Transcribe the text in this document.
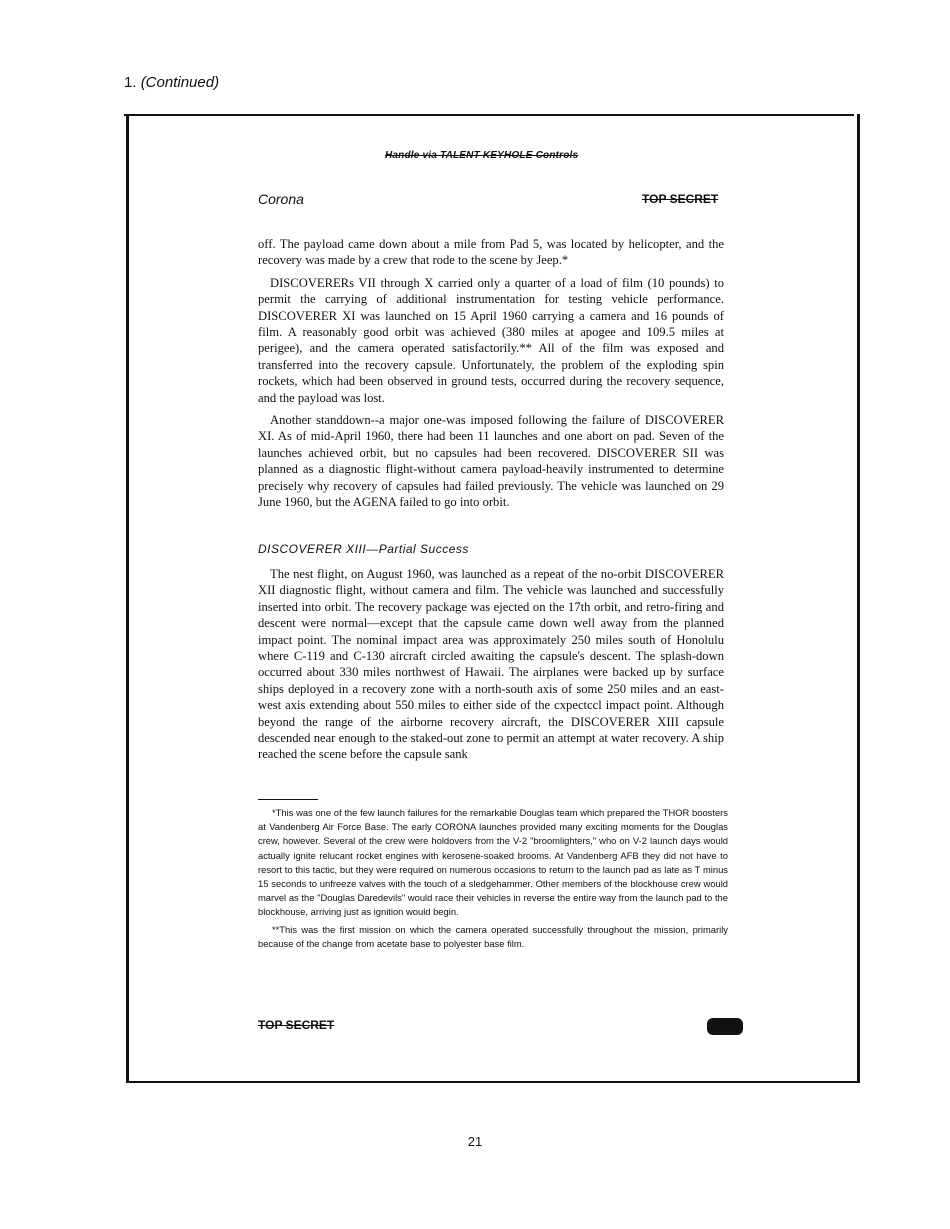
1. (Continued)
Handle via TALENT KEYHOLE Controls
Corona	TOP SECRET

off. The payload came down about a mile from Pad 5, was located by helicopter, and the recovery was made by a crew that rode to the scene by Jeep.*

DISCOVERERs VII through X carried only a quarter of a load of film (10 pounds) to permit the carrying of additional instrumentation for testing vehicle performance. DISCOVERER XI was launched on 15 April 1960 carrying a camera and 16 pounds of film. A reasonably good orbit was achieved (380 miles at apogee and 109.5 miles at perigee), and the camera operated satisfactorily.** All of the film was exposed and transferred into the recovery capsule. Unfortunately, the problem of the exploding spin rockets, which had been observed in ground tests, occurred during the recovery sequence, and the payload was lost.

Another standdown--a major one-was imposed following the failure of DISCOVERER XI. As of mid-April 1960, there had been 11 launches and one abort on pad. Seven of the launches achieved orbit, but no capsules had been recovered. DISCOVERER SII was planned as a diagnostic flight-without camera payload-heavily instrumented to determine precisely why recovery of capsules had failed previously. The vehicle was launched on 29 June 1960, but the AGENA failed to go into orbit.

DISCOVERER XIII—Partial Success

The nest flight, on August 1960, was launched as a repeat of the no-orbit DISCOVERER XII diagnostic flight, without camera and film. The vehicle was launched and successfully inserted into orbit. The recovery package was ejected on the 17th orbit, and retro-firing and descent were normal—except that the capsule came down well away from the planned impact point. The nominal impact area was approximately 250 miles south of Honolulu where C-119 and C-130 aircraft circled awaiting the capsule's descent. The splash-down occurred about 330 miles northwest of Hawaii. The airplanes were backed up by surface ships deployed in a recovery zone with a north-south axis of some 250 miles and an east-west axis extending about 550 miles to either side of the cxpectccl impact point. Although beyond the range of the airborne recovery aircraft, the DISCOVERER XIII capsule descended near enough to the staked-out zone to permit an attempt at water recovery. A ship reached the scene before the capsule sank

*This was one of the few launch failures for the remarkable Douglas team which prepared the THOR boosters at Vandenberg Air Force Base. The early CORONA launches provided many exciting moments for the Douglas crew, however. Several of the crew were holdovers from the V-2 "broomlighters," who on V-2 launch days would actually ignite relucant rocket engines with kerosene-soaked brooms. At Vandenberg AFB they did not have to resort to this tactic, but they were required on numerous occasions to return to the launch pad as late as T minus 15 seconds to unfreeze valves with the touch of a sledgehammer. Other members of the blockhouse crew would marvel as the "Douglas Daredevils" would race their vehicles in reverse the entire way from the launch pad to the blockhouse, arriving just as ignition would begin.

**This was the first mission on which the camera operated successfully throughout the mission, primarily because of the change from acetate base to polyester base film.

TOP SECRET
21
